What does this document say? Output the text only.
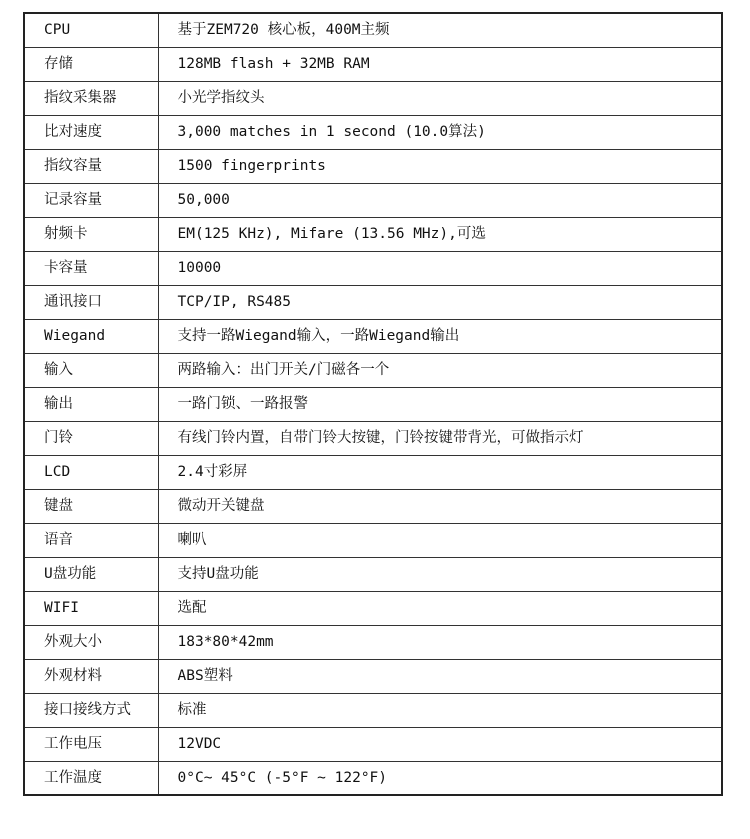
CPU	基于ZEM720 核心板，400M主频
存储	128MB flash + 32MB RAM
指纹采集器	小光学指纹头
比对速度	3,000 matches in 1 second (10.0算法)
指纹容量	1500 fingerprints
记录容量	50,000
射频卡	EM(125 KHz), Mifare (13.56 MHz),可选
卡容量	10000
通讯接口	TCP/IP, RS485
Wiegand	支持一路Wiegand输入，一路Wiegand输出
输入	两路输入：出门开关/门磁各一个
输出	一路门锁、一路报警
门铃	有线门铃内置，自带门铃大按键，门铃按键带背光，可做指示灯
LCD	2.4寸彩屏
键盘	微动开关键盘
语音	喇叭
U盘功能	支持U盘功能
WIFI	选配
外观大小	183*80*42mm
外观材料	ABS塑料
接口接线方式	标准
工作电压	12VDC
工作温度	0°C~ 45°C (-5°F ~ 122°F)
